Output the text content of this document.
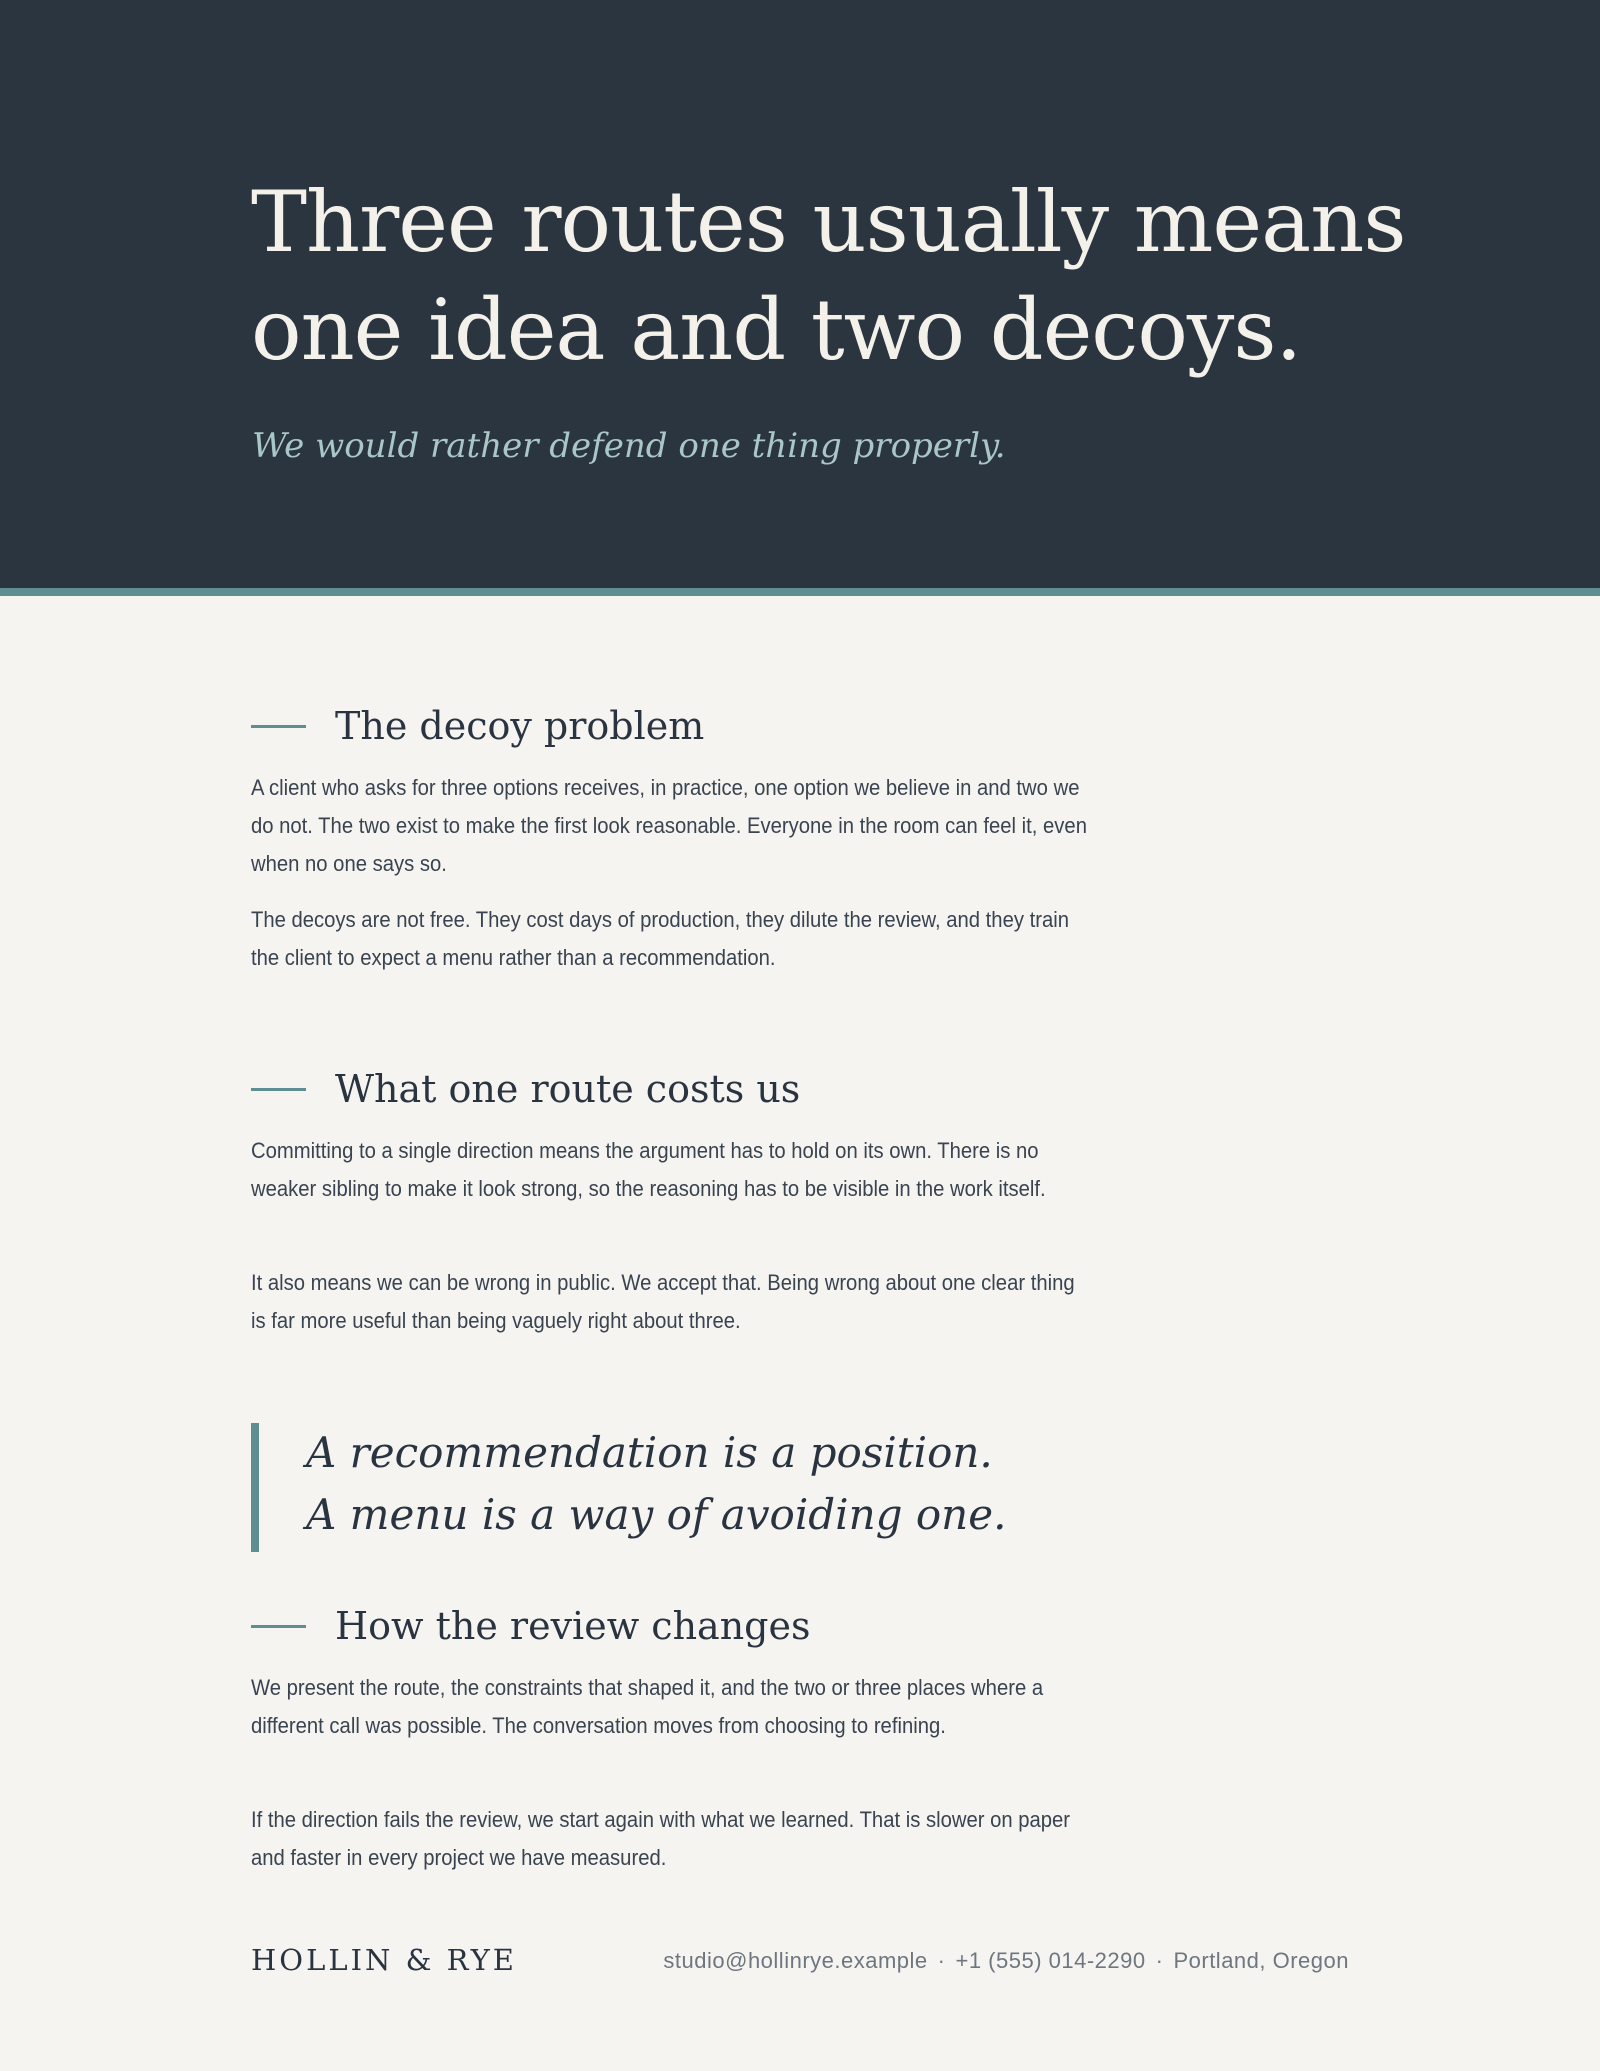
Three routes usually means
one idea and two decoys.

We would rather defend one thing properly.

The decoy problem

A client who asks for three options receives, in practice, one option we believe in and two we do not. The two exist to make the first look reasonable. Everyone in the room can feel it, even when no one says so.

The decoys are not free. They cost days of production, they dilute the review, and they train the client to expect a menu rather than a recommendation.

What one route costs us

Committing to a single direction means the argument has to hold on its own. There is no weaker sibling to make it look strong, so the reasoning has to be visible in the work itself.

It also means we can be wrong in public. We accept that. Being wrong about one clear thing is far more useful than being vaguely right about three.

A recommendation is a position.
A menu is a way of avoiding one.
How the review changes

We present the route, the constraints that shaped it, and the two or three places where a different call was possible. The conversation moves from choosing to refining.

If the direction fails the review, we start again with what we learned. That is slower on paper and faster in every project we have measured.

HOLLIN & RYE	studio@hollinrye.example · +1 (555) 014-2290 · Portland, Oregon
